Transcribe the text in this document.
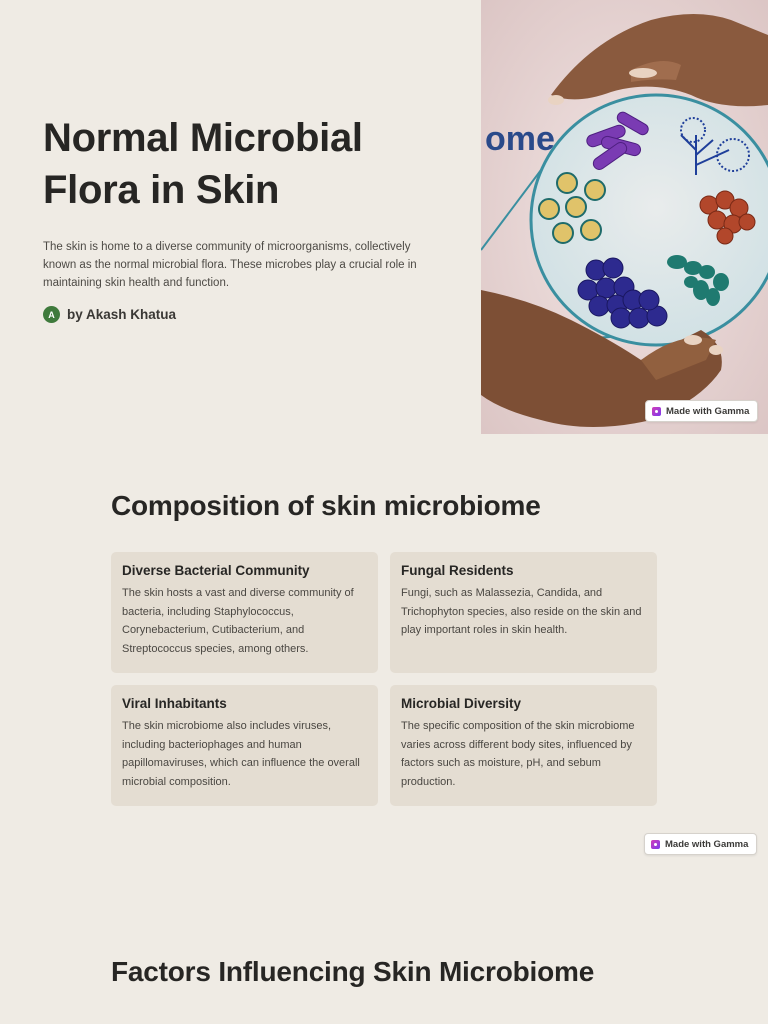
Normal Microbial
Flora in Skin

The skin is home to a diverse community of microorganisms, collectively known as the normal microbial flora. These microbes play a crucial role in maintaining skin health and function.

A by Akash Khatua
ome
Made with Gamma
Composition of skin microbiome
Diverse Bacterial Community

The skin hosts a vast and diverse community of bacteria, including Staphylococcus, Corynebacterium, Cutibacterium, and Streptococcus species, among others.

Fungal Residents

Fungi, such as Malassezia, Candida, and Trichophyton species, also reside on the skin and play important roles in skin health.

Viral Inhabitants

The skin microbiome also includes viruses, including bacteriophages and human papillomaviruses, which can influence the overall microbial composition.

Microbial Diversity

The specific composition of the skin microbiome varies across different body sites, influenced by factors such as moisture, pH, and sebum production.

Made with Gamma
Factors Influencing Skin Microbiome
